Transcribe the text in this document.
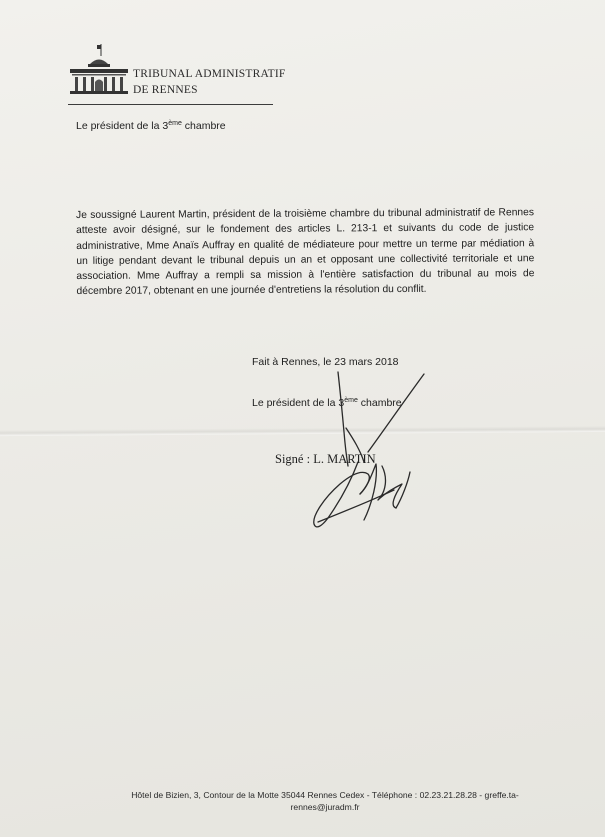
TRIBUNAL ADMINISTRATIF
DE RENNES
Le président de la 3ème chambre

Je soussigné Laurent Martin, président de la troisième chambre du tribunal administratif de Rennes atteste avoir désigné, sur le fondement des articles L. 213-1 et suivants du code de justice administrative, Mme Anaïs Auffray en qualité de médiateure pour mettre un terme par médiation à un litige pendant devant le tribunal depuis un an et opposant une collectivité territoriale et une association. Mme Auffray a rempli sa mission à l'entière satisfaction du tribunal au mois de décembre 2017, obtenant en une journée d'entretiens la résolution du conflit.

Fait à Rennes, le 23 mars 2018
Le président de la 3ème chambre
Signé : L. MARTIN
Hôtel de Bizien, 3, Contour de la Motte 35044 Rennes Cedex - Téléphone : 02.23.21.28.28 - greffe.ta-
rennes@juradm.fr
